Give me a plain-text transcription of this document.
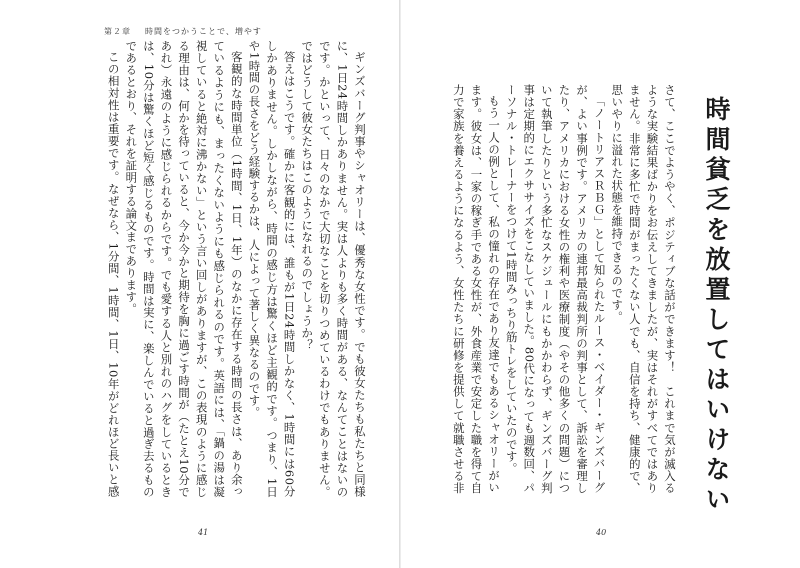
第２章 時間をつかうことで、増やす
時間貧乏を放置してはいけない

さて、ここでようやく、ポジティブな話ができます！　これまで気が滅入るような実験結果ばかりをお伝えしてきましたが、実はそれがすべてではありません。非常に多忙で時間がまったくない人でも、自信を持ち、健康的で、思いやりに溢れた状態を維持できるのです。

「ノートリアスＲＢＧ」として知られたルース・ベイダー・ギンズバーグが、よい事例です。アメリカの連邦最高裁判所の判事として、訴訟を審理したり、アメリカにおける女性の権利や医療制度（やその他多くの問題）について執筆したりという多忙なスケジュールにもかかわらず、ギンズバーグ判事は定期的にエクササイズをこなしていました。80代になっても週数回、パーソナル・トレーナーをつけて1時間みっちり筋トレをしていたのです。

もう一人の例として、私の憧れの存在であり友達でもあるシャオリーがいます。彼女は、一家の稼ぎ手である女性が、外食産業で安定した職を得て自力で家族を養えるようになるよう、女性たちに研修を提供して就職させる非

ギンズバーグ判事やシャオリーは、優秀な女性です。でも彼女たちも私たちと同様に、1日24時間しかありません。実は人よりも多く時間がある、なんてことはないのです。かといって、日々のなかで大切なことを切りつめているわけでもありません。ではどうして彼女たちはこのようになれるのでしょうか？

答えはこうです。確かに客観的には、誰もが1日24時間しかなく、1時間には60分しかありません。しかしながら、時間の感じ方は驚くほど主観的です。つまり、1日や1時間の長さをどう経験するかは、人によって著しく異なるのです。

客観的な時間単位（1時間、1日、1年）のなかに存在する時間の長さは、あり余っているようにも、まったくないようにも感じられるのです。英語には、「鍋の湯は凝視していると絶対に沸かない」という言い回しがありますが、この表現のように感じる理由は、何かを待っていると、今か今かと期待を胸に過ごす時間が（たとえ10分であれ）永遠のように感じられるからです。でも愛する人と別れのハグをしているときは、10分は驚くほど短く感じるものです。時間は実に、楽しんでいると過ぎ去るものであるとおり、それを証明する論文まであります。

この相対性は重要です。なぜなら、1分間、1時間、1日、10年がどれほど長いと感

41	40
